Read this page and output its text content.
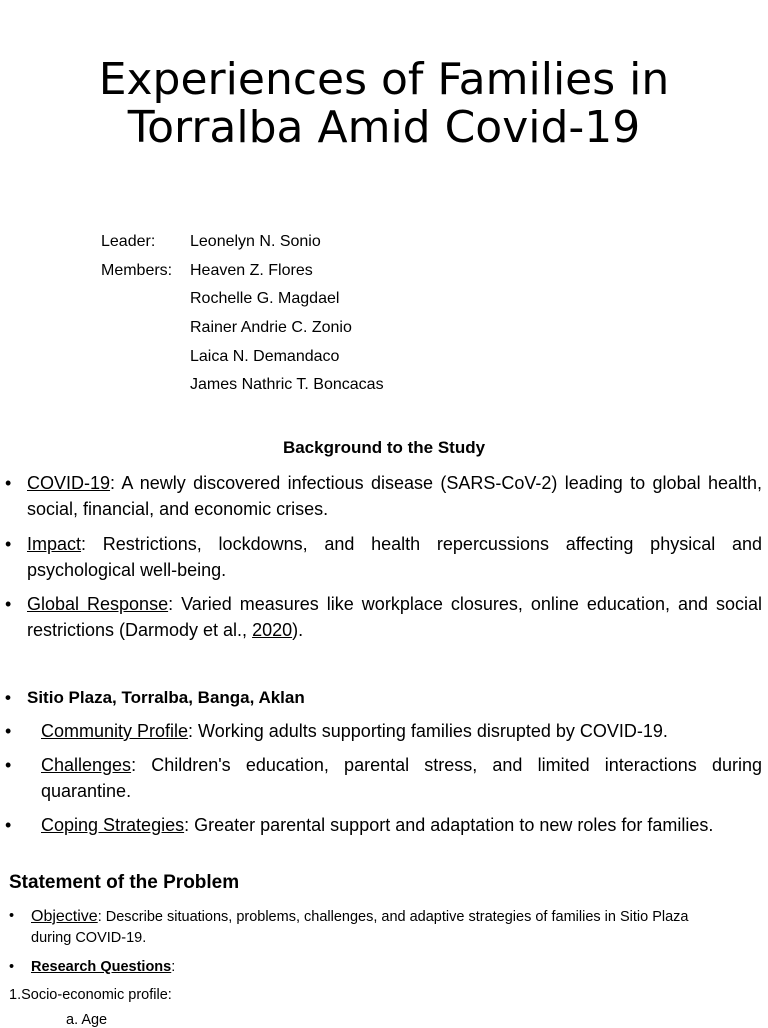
Experiences of Families in Torralba Amid Covid-19
Leader:	Leonelyn N. Sonio
Members:	Heaven Z. Flores
Rochelle G. Magdael
Rainer Andrie C. Zonio
Laica N. Demandaco
James Nathric T. Boncacas
Background to the Study
• COVID-19: A newly discovered infectious disease (SARS-CoV-2) leading to global health, social, financial, and economic crises.
• Impact: Restrictions, lockdowns, and health repercussions affecting physical and psychological well-being.
• Global Response: Varied measures like workplace closures, online education, and social restrictions (Darmody et al., 2020).
• Sitio Plaza, Torralba, Banga, Aklan
• Community Profile: Working adults supporting families disrupted by COVID-19.
• Challenges: Children's education, parental stress, and limited interactions during quarantine.
• Coping Strategies: Greater parental support and adaptation to new roles for families.
Statement of the Problem
• Objective: Describe situations, problems, challenges, and adaptive strategies of families in Sitio Plaza during COVID-19.
• Research Questions:
1.Socio-economic profile:
a. Age
